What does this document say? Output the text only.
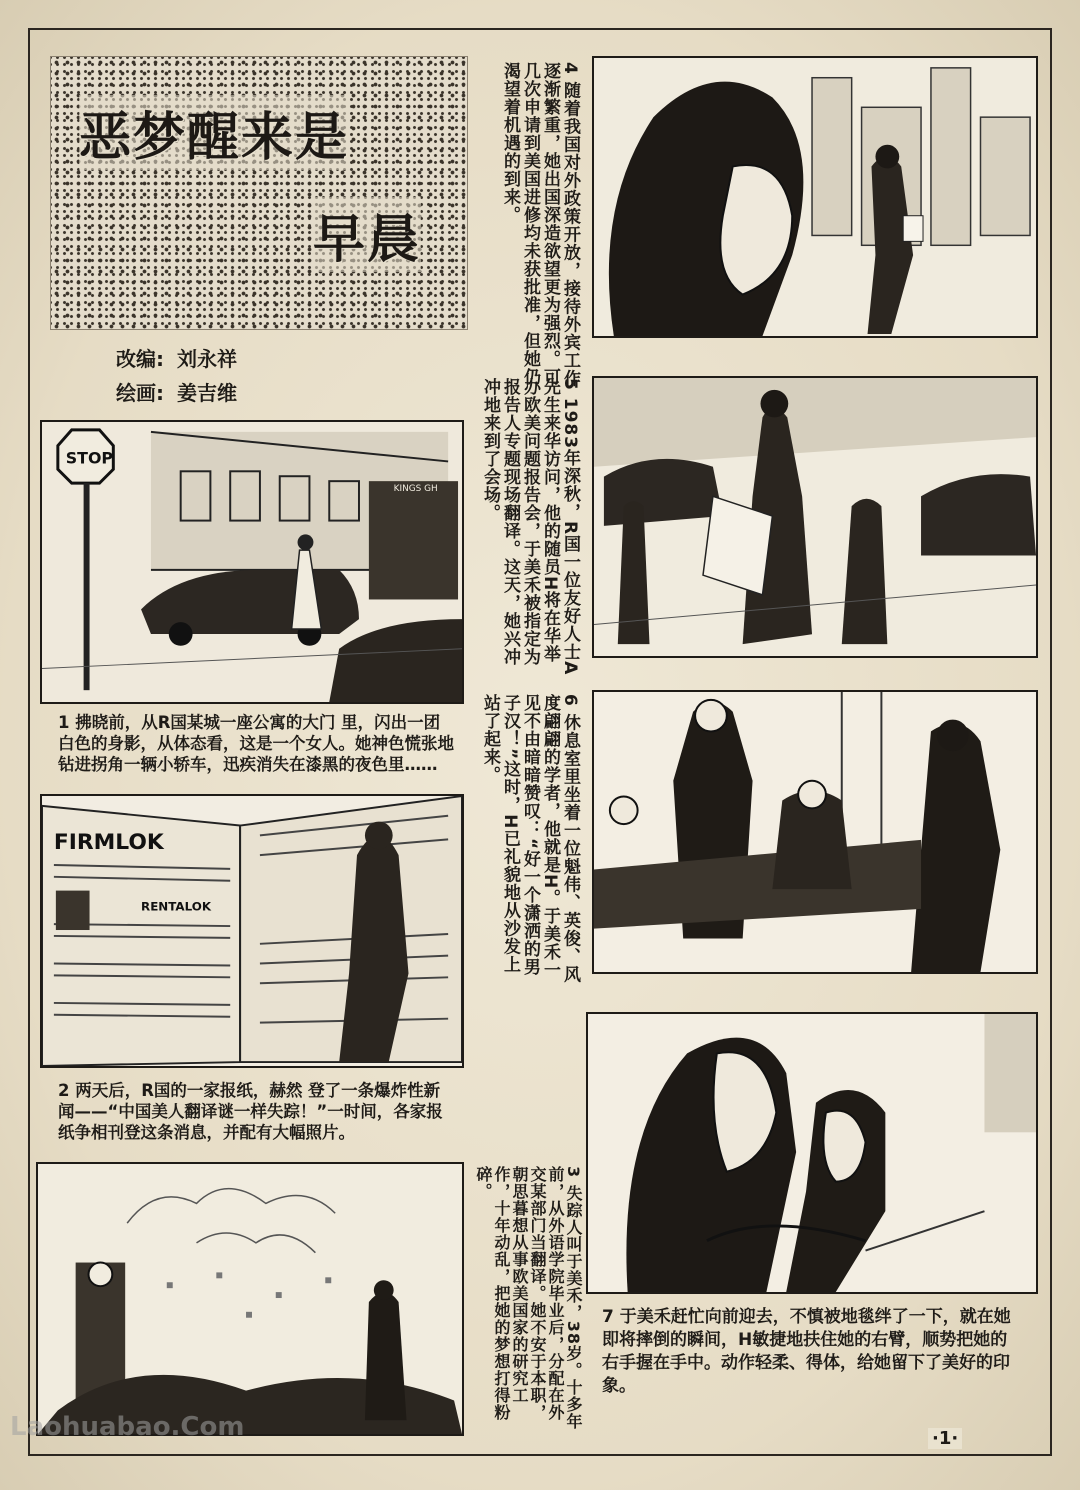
恶梦醒来是
早晨
改编: 刘永祥
绘画: 姜吉维
KINGS GH
STOP
1 拂晓前，从R国某城一座公寓的大门 里，闪出一团白色的身影，从体态看，这是一个女人。她神色慌张地钻进拐角一辆小轿车，迅疾消失在漆黑的夜色里……
FIRMLOK
RENTALOK
2 两天后，R国的一家报纸，赫然 登了一条爆炸性新闻——“中国美人翻译谜一样失踪！”一时间，各家报纸争相刊登这条消息，并配有大幅照片。
4 随着我国对外政策开放，接待外宾工作逐渐繁重，她出国深造欲望更为强烈。可几次申请到美国进修均未获批准，但她仍渴望着机遇的到来。
5 1983年深秋，R国一位友好人士A先生来华访问，他的随员H将在华举办欧美问题报告会，于美禾被指定为报告人专题现场翻译。这天，她兴冲冲地来到了会场。
6 休息室里坐着一位魁伟、英俊、风度翩翩的学者，他就是H。于美禾一见不由暗暗赞叹：“好一个潇洒的男子汉！”这时，H已礼貌地从沙发上站了起来。
7 于美禾赶忙向前迎去，不慎被地毯绊了一下，就在她即将摔倒的瞬间，H敏捷地扶住她的右臂，顺势把她的右手握在手中。动作轻柔、得体，给她留下了美好的印象。
3 失踪人叫于美禾，38岁。十多年前，从外语学院毕业后，分配在外交某部门当翻译。她不安于本职，朝思暮想从事欧美国家的研究工作，十年动乱，把她的梦想打得粉碎。
·1·
Laohuabao.Com
